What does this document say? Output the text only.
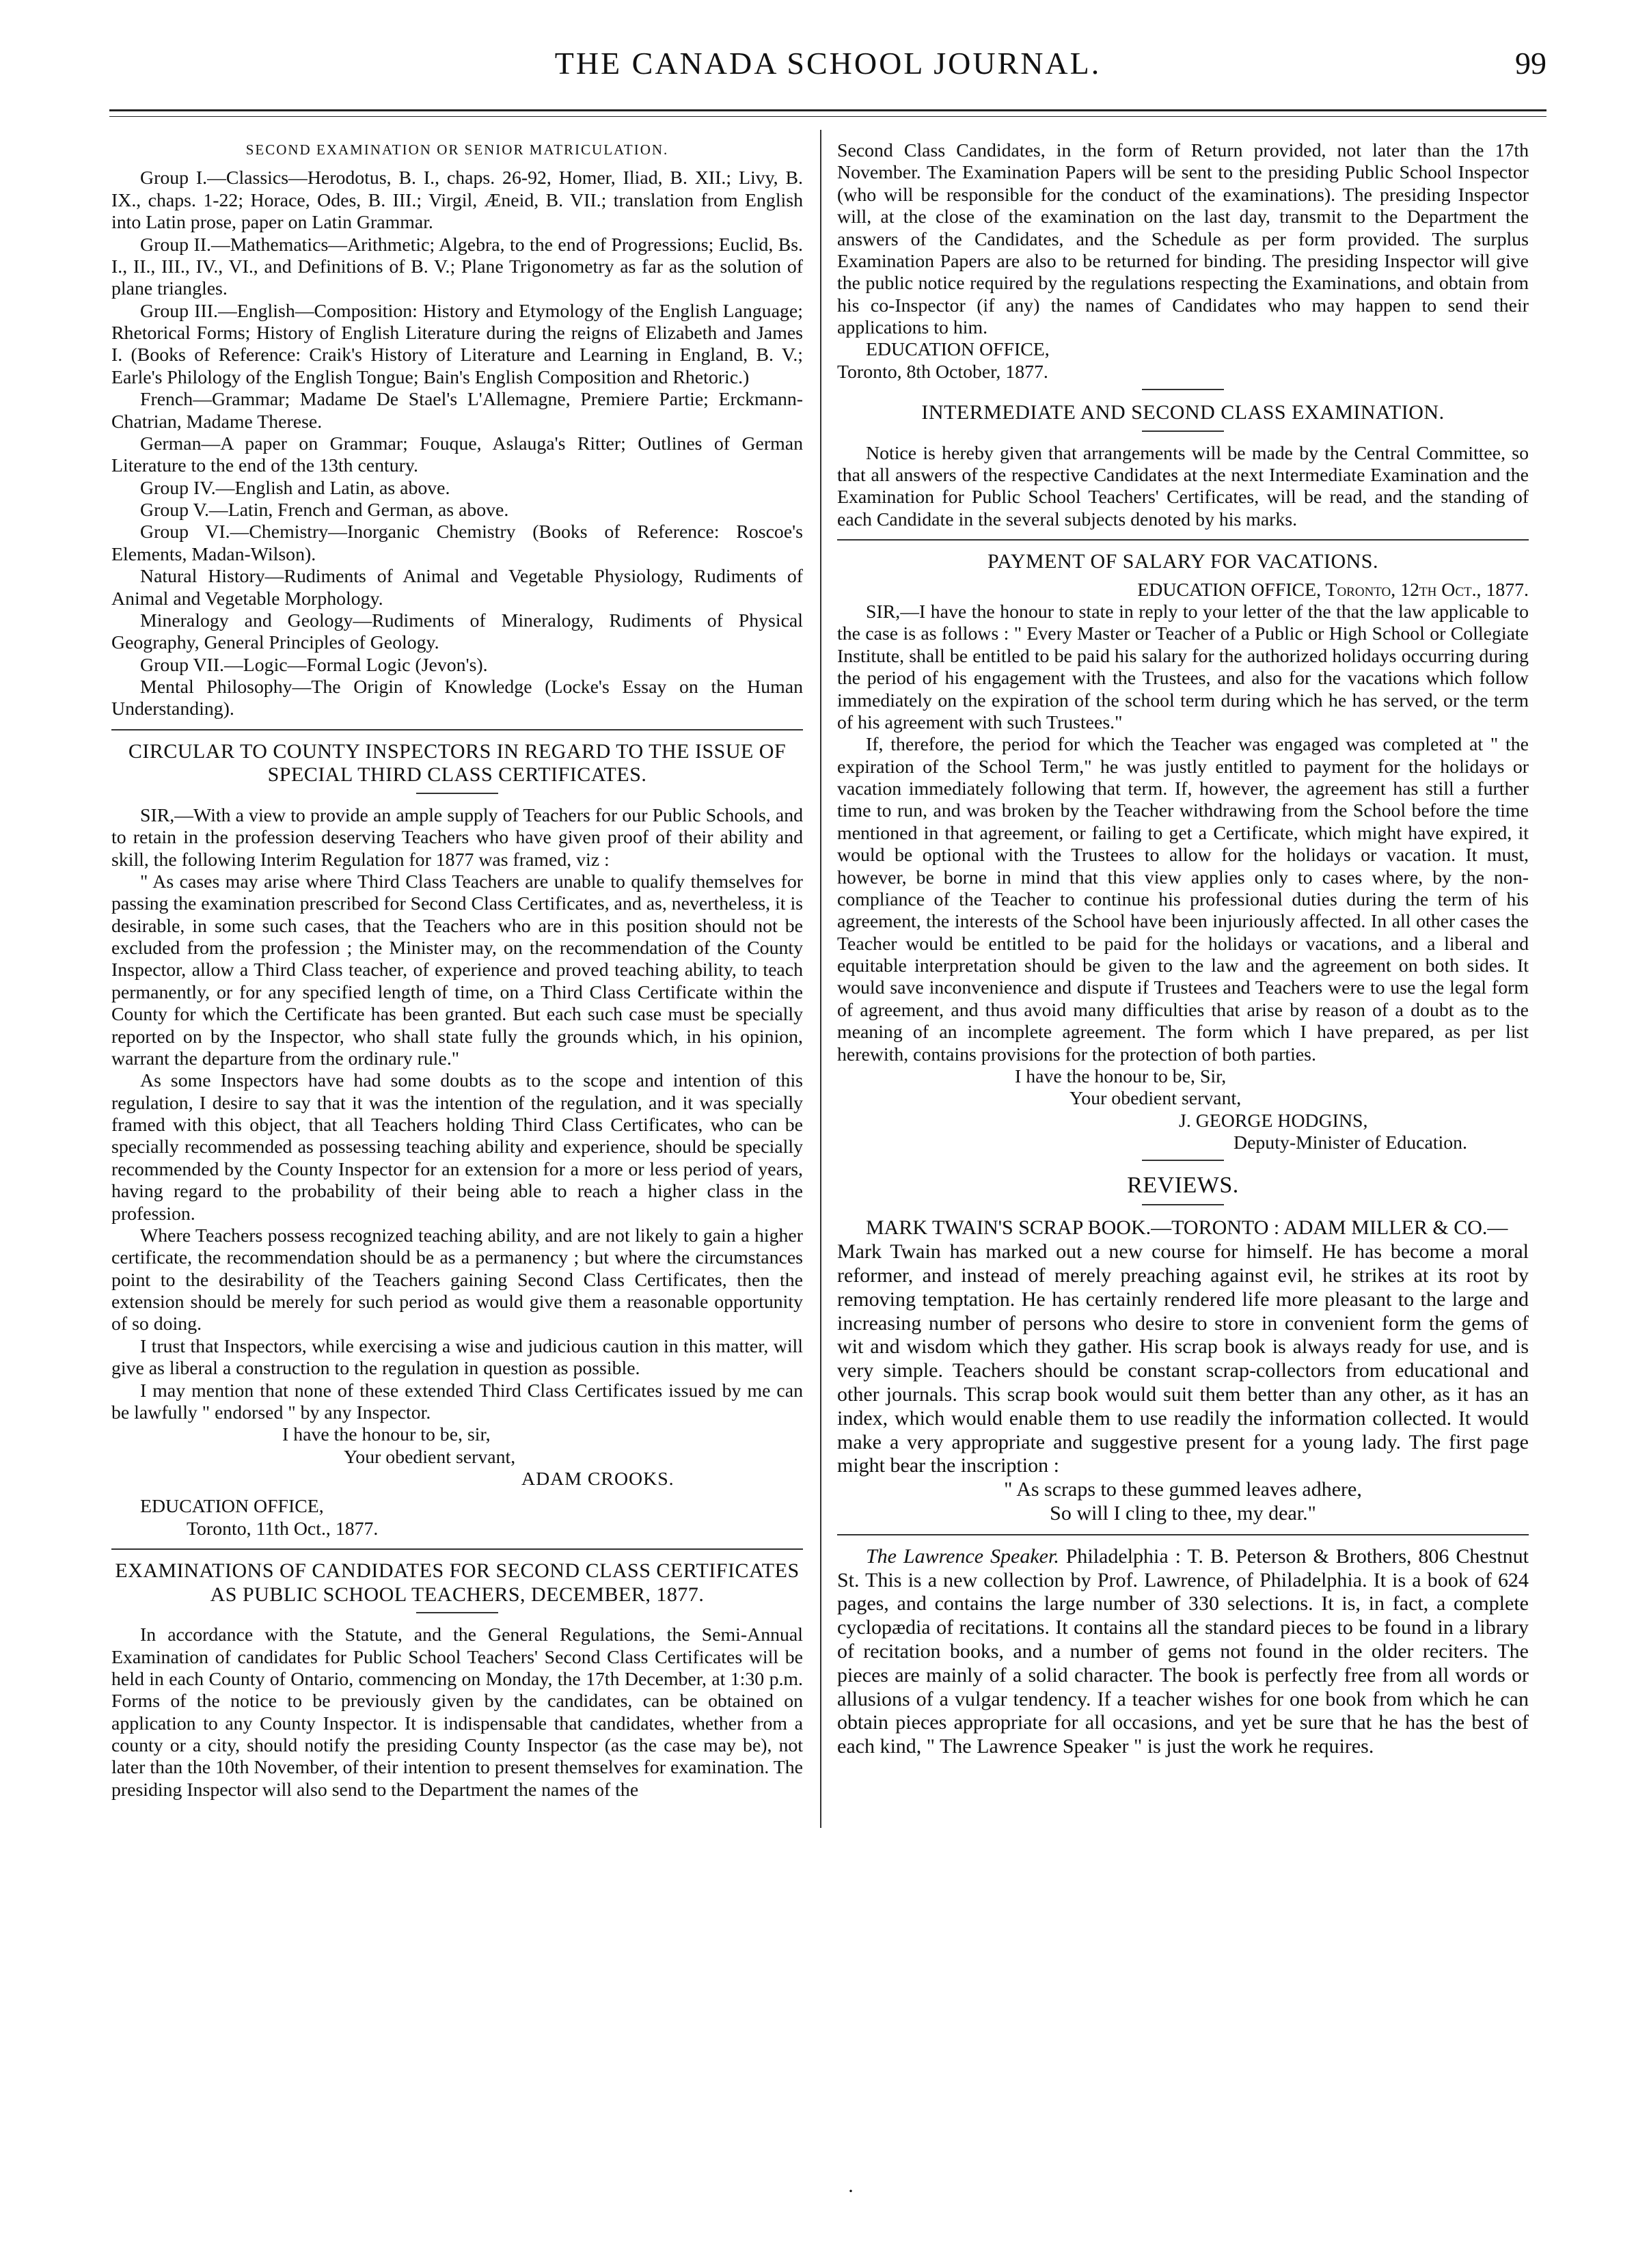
THE CANADA SCHOOL JOURNAL.	99
SECOND EXAMINATION OR SENIOR MATRICULATION.

Group I.—Classics—Herodotus, B. I., chaps. 26-92, Homer, Iliad, B. XII.; Livy, B. IX., chaps. 1-22; Horace, Odes, B. III.; Virgil, Æneid, B. VII.; translation from English into Latin prose, paper on Latin Grammar.

Group II.—Mathematics—Arithmetic; Algebra, to the end of Progressions; Euclid, Bs. I., II., III., IV., VI., and Definitions of B. V.; Plane Trigonometry as far as the solution of plane triangles.

Group III.—English—Composition: History and Etymology of the English Language; Rhetorical Forms; History of English Literature during the reigns of Elizabeth and James I. (Books of Reference: Craik's History of Literature and Learning in England, B. V.; Earle's Philology of the English Tongue; Bain's English Composition and Rhetoric.)

French—Grammar; Madame De Stael's L'Allemagne, Premiere Partie; Erckmann-Chatrian, Madame Therese.

German—A paper on Grammar; Fouque, Aslauga's Ritter; Outlines of German Literature to the end of the 13th century.

Group IV.—English and Latin, as above.

Group V.—Latin, French and German, as above.

Group VI.—Chemistry—Inorganic Chemistry (Books of Reference: Roscoe's Elements, Madan-Wilson).

Natural History—Rudiments of Animal and Vegetable Physiology, Rudiments of Animal and Vegetable Morphology.

Mineralogy and Geology—Rudiments of Mineralogy, Rudiments of Physical Geography, General Principles of Geology.

Group VII.—Logic—Formal Logic (Jevon's).

Mental Philosophy—The Origin of Knowledge (Locke's Essay on the Human Understanding).

CIRCULAR TO COUNTY INSPECTORS IN REGARD TO THE ISSUE OF SPECIAL THIRD CLASS CERTIFICATES.

SIR,—With a view to provide an ample supply of Teachers for our Public Schools, and to retain in the profession deserving Teachers who have given proof of their ability and skill, the following Interim Regulation for 1877 was framed, viz :

" As cases may arise where Third Class Teachers are unable to qualify themselves for passing the examination prescribed for Second Class Certificates, and as, nevertheless, it is desirable, in some such cases, that the Teachers who are in this position should not be excluded from the profession ; the Minister may, on the recommendation of the County Inspector, allow a Third Class teacher, of experience and proved teaching ability, to teach permanently, or for any specified length of time, on a Third Class Certificate within the County for which the Certificate has been granted. But each such case must be specially reported on by the Inspector, who shall state fully the grounds which, in his opinion, warrant the departure from the ordinary rule."

As some Inspectors have had some doubts as to the scope and intention of this regulation, I desire to say that it was the intention of the regulation, and it was specially framed with this object, that all Teachers holding Third Class Certificates, who can be specially recommended as possessing teaching ability and experience, should be specially recommended by the County Inspector for an extension for a more or less period of years, having regard to the probability of their being able to reach a higher class in the profession.

Where Teachers possess recognized teaching ability, and are not likely to gain a higher certificate, the recommendation should be as a permanency ; but where the circumstances point to the desirability of the Teachers gaining Second Class Certificates, then the extension should be merely for such period as would give them a reasonable opportunity of so doing.

I trust that Inspectors, while exercising a wise and judicious caution in this matter, will give as liberal a construction to the regulation in question as possible.

I may mention that none of these extended Third Class Certificates issued by me can be lawfully " endorsed " by any Inspector.

I have the honour to be, sir,
Your obedient servant,
ADAM CROOKS.
EDUCATION OFFICE,
Toronto, 11th Oct., 1877.
EXAMINATIONS OF CANDIDATES FOR SECOND CLASS CERTIFICATES AS PUBLIC SCHOOL TEACHERS, DECEMBER, 1877.

In accordance with the Statute, and the General Regulations, the Semi-Annual Examination of candidates for Public School Teachers' Second Class Certificates will be held in each County of Ontario, commencing on Monday, the 17th December, at 1:30 p.m. Forms of the notice to be previously given by the candidates, can be obtained on application to any County Inspector. It is indispensable that candidates, whether from a county or a city, should notify the presiding County Inspector (as the case may be), not later than the 10th November, of their intention to present themselves for examination. The presiding Inspector will also send to the Department the names of the

Second Class Candidates, in the form of Return provided, not later than the 17th November. The Examination Papers will be sent to the presiding Public School Inspector (who will be responsible for the conduct of the examinations). The presiding Inspector will, at the close of the examination on the last day, transmit to the Department the answers of the Candidates, and the Schedule as per form provided. The surplus Examination Papers are also to be returned for binding. The presiding Inspector will give the public notice required by the regulations respecting the Examinations, and obtain from his co-Inspector (if any) the names of Candidates who may happen to send their applications to him.

EDUCATION OFFICE,
Toronto, 8th October, 1877.
INTERMEDIATE AND SECOND CLASS EXAMINATION.

Notice is hereby given that arrangements will be made by the Central Committee, so that all answers of the respective Candidates at the next Intermediate Examination and the Examination for Public School Teachers' Certificates, will be read, and the standing of each Candidate in the several subjects denoted by his marks.

PAYMENT OF SALARY FOR VACATIONS.
EDUCATION OFFICE, Toronto, 12th Oct., 1877.

SIR,—I have the honour to state in reply to your letter of the that the law applicable to the case is as follows : " Every Master or Teacher of a Public or High School or Collegiate Institute, shall be entitled to be paid his salary for the authorized holidays occurring during the period of his engagement with the Trustees, and also for the vacations which follow immediately on the expiration of the school term during which he has served, or the term of his agreement with such Trustees."

If, therefore, the period for which the Teacher was engaged was completed at " the expiration of the School Term," he was justly entitled to payment for the holidays or vacation immediately following that term. If, however, the agreement has still a further time to run, and was broken by the Teacher withdrawing from the School before the time mentioned in that agreement, or failing to get a Certificate, which might have expired, it would be optional with the Trustees to allow for the holidays or vacation. It must, however, be borne in mind that this view applies only to cases where, by the non-compliance of the Teacher to continue his professional duties during the term of his agreement, the interests of the School have been injuriously affected. In all other cases the Teacher would be entitled to be paid for the holidays or vacations, and a liberal and equitable interpretation should be given to the law and the agreement on both sides. It would save inconvenience and dispute if Trustees and Teachers were to use the legal form of agreement, and thus avoid many difficulties that arise by reason of a doubt as to the meaning of an incomplete agreement. The form which I have prepared, as per list herewith, contains provisions for the protection of both parties.

I have the honour to be, Sir,
Your obedient servant,
J. GEORGE HODGINS,
Deputy-Minister of Education.
REVIEWS.

MARK TWAIN'S SCRAP BOOK.—TORONTO : ADAM MILLER & CO.—

Mark Twain has marked out a new course for himself. He has become a moral reformer, and instead of merely preaching against evil, he strikes at its root by removing temptation. He has certainly rendered life more pleasant to the large and increasing number of persons who desire to store in convenient form the gems of wit and wisdom which they gather. His scrap book is always ready for use, and is very simple. Teachers should be constant scrap-collectors from educational and other journals. This scrap book would suit them better than any other, as it has an index, which would enable them to use readily the information collected. It would make a very appropriate and suggestive present for a young lady. The first page might bear the inscription :

" As scraps to these gummed leaves adhere,
So will I cling to thee, my dear."

The Lawrence Speaker. Philadelphia : T. B. Peterson & Brothers, 806 Chestnut St. This is a new collection by Prof. Lawrence, of Philadelphia. It is a book of 624 pages, and contains the large number of 330 selections. It is, in fact, a complete cyclopædia of recitations. It contains all the standard pieces to be found in a library of recitation books, and a number of gems not found in the older reciters. The pieces are mainly of a solid character. The book is perfectly free from all words or allusions of a vulgar tendency. If a teacher wishes for one book from which he can obtain pieces appropriate for all occasions, and yet be sure that he has the best of each kind, " The Lawrence Speaker " is just the work he requires.

·
